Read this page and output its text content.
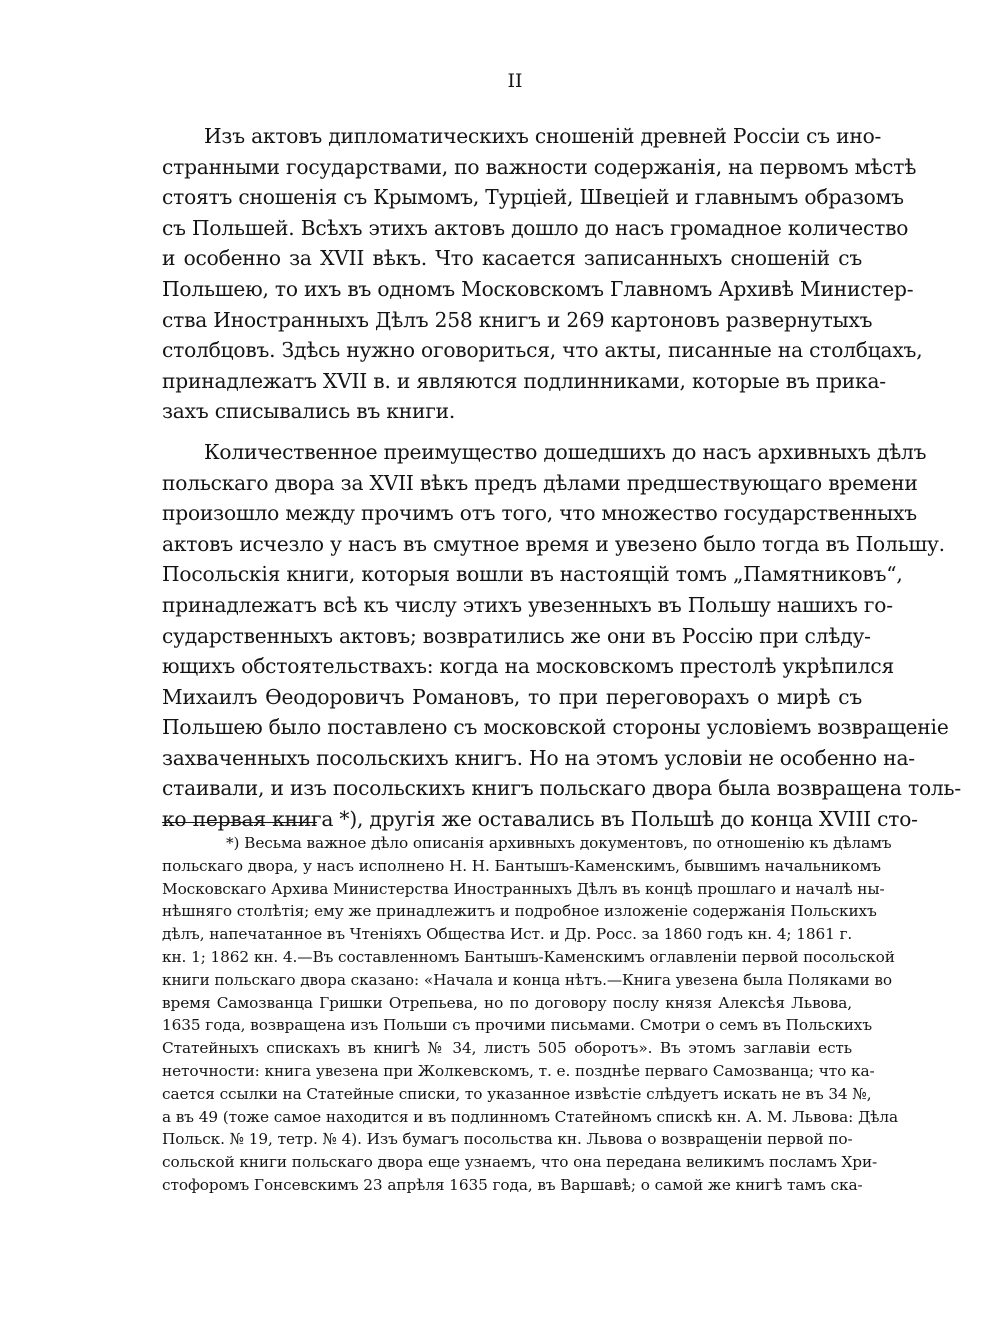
II
Изъ актовъ дипломатическихъ сношеній древней Россіи съ ино-
странными государствами, по важности содержанія, на первомъ мѣстѣ
стоятъ сношенія съ Крымомъ, Турціей, Швеціей и главнымъ образомъ
съ Польшей. Всѣхъ этихъ актовъ дошло до насъ громадное количество
и особенно за XVII вѣкъ. Что касается записанныхъ сношеній съ
Польшею, то ихъ въ одномъ Московскомъ Главномъ Архивѣ Министер-
ства Иностранныхъ Дѣлъ 258 книгъ и 269 картоновъ развернутыхъ
столбцовъ. Здѣсь нужно оговориться, что акты, писанные на столбцахъ,
принадлежатъ XVII в. и являются подлинниками, которые въ прика-
захъ списывались въ книги.
Количественное преимущество дошедшихъ до насъ архивныхъ дѣлъ
польскаго двора за XVII вѣкъ предъ дѣлами предшествующаго времени
произошло между прочимъ отъ того, что множество государственныхъ
актовъ исчезло у насъ въ смутное время и увезено было тогда въ Польшу.
Посольскія книги, которыя вошли въ настоящій томъ „Памятниковъ“,
принадлежатъ всѣ къ числу этихъ увезенныхъ въ Польшу нашихъ го-
сударственныхъ актовъ; возвратились же они въ Россію при слѣду-
ющихъ обстоятельствахъ: когда на московскомъ престолѣ укрѣпился
Михаилъ Ѳеодоровичъ Романовъ, то при переговорахъ о мирѣ съ
Польшею было поставлено съ московской стороны условіемъ возвращеніе
захваченныхъ посольскихъ книгъ. Но на этомъ условіи не особенно на-
стаивали, и изъ посольскихъ книгъ польскаго двора была возвращена толь-
ко первая книга *), другія же оставались въ Польшѣ до конца XVIII сто-
*) Весьма важное дѣло описанія архивныхъ документовъ, по отношенію къ дѣламъ
польскаго двора, у насъ исполнено Н. Н. Бантышъ-Каменскимъ, бывшимъ начальникомъ
Московскаго Архива Министерства Иностранныхъ Дѣлъ въ концѣ прошлаго и началѣ ны-
нѣшняго столѣтія; ему же принадлежитъ и подробное изложеніе содержанія Польскихъ
дѣлъ, напечатанное въ Чтеніяхъ Общества Ист. и Др. Росс. за 1860 годъ кн. 4; 1861 г.
кн. 1; 1862 кн. 4.—Въ составленномъ Бантышъ-Каменскимъ оглавленіи первой посольской
книги польскаго двора сказано: «Начала и конца нѣтъ.—Книга увезена была Поляками во
время Самозванца Гришки Отрепьева, но по договору послу князя Алексѣя Львова,
1635 года, возвращена изъ Польши съ прочими письмами. Смотри о семъ въ Польскихъ
Статейныхъ спискахъ въ книгѣ № 34, листъ 505 оборотъ». Въ этомъ заглавіи есть
неточности: книга увезена при Жолкевскомъ, т. е. позднѣе перваго Самозванца; что ка-
сается ссылки на Статейные списки, то указанное извѣстіе слѣдуетъ искать не въ 34 №,
а въ 49 (тоже самое находится и въ подлинномъ Статейномъ спискѣ кн. А. М. Львова: Дѣла
Польск. № 19, тетр. № 4). Изъ бумагъ посольства кн. Львова о возвращеніи первой по-
сольской книги польскаго двора еще узнаемъ, что она передана великимъ посламъ Хри-
стофоромъ Гонсевскимъ 23 апрѣля 1635 года, въ Варшавѣ; о самой же книгѣ тамъ ска-
